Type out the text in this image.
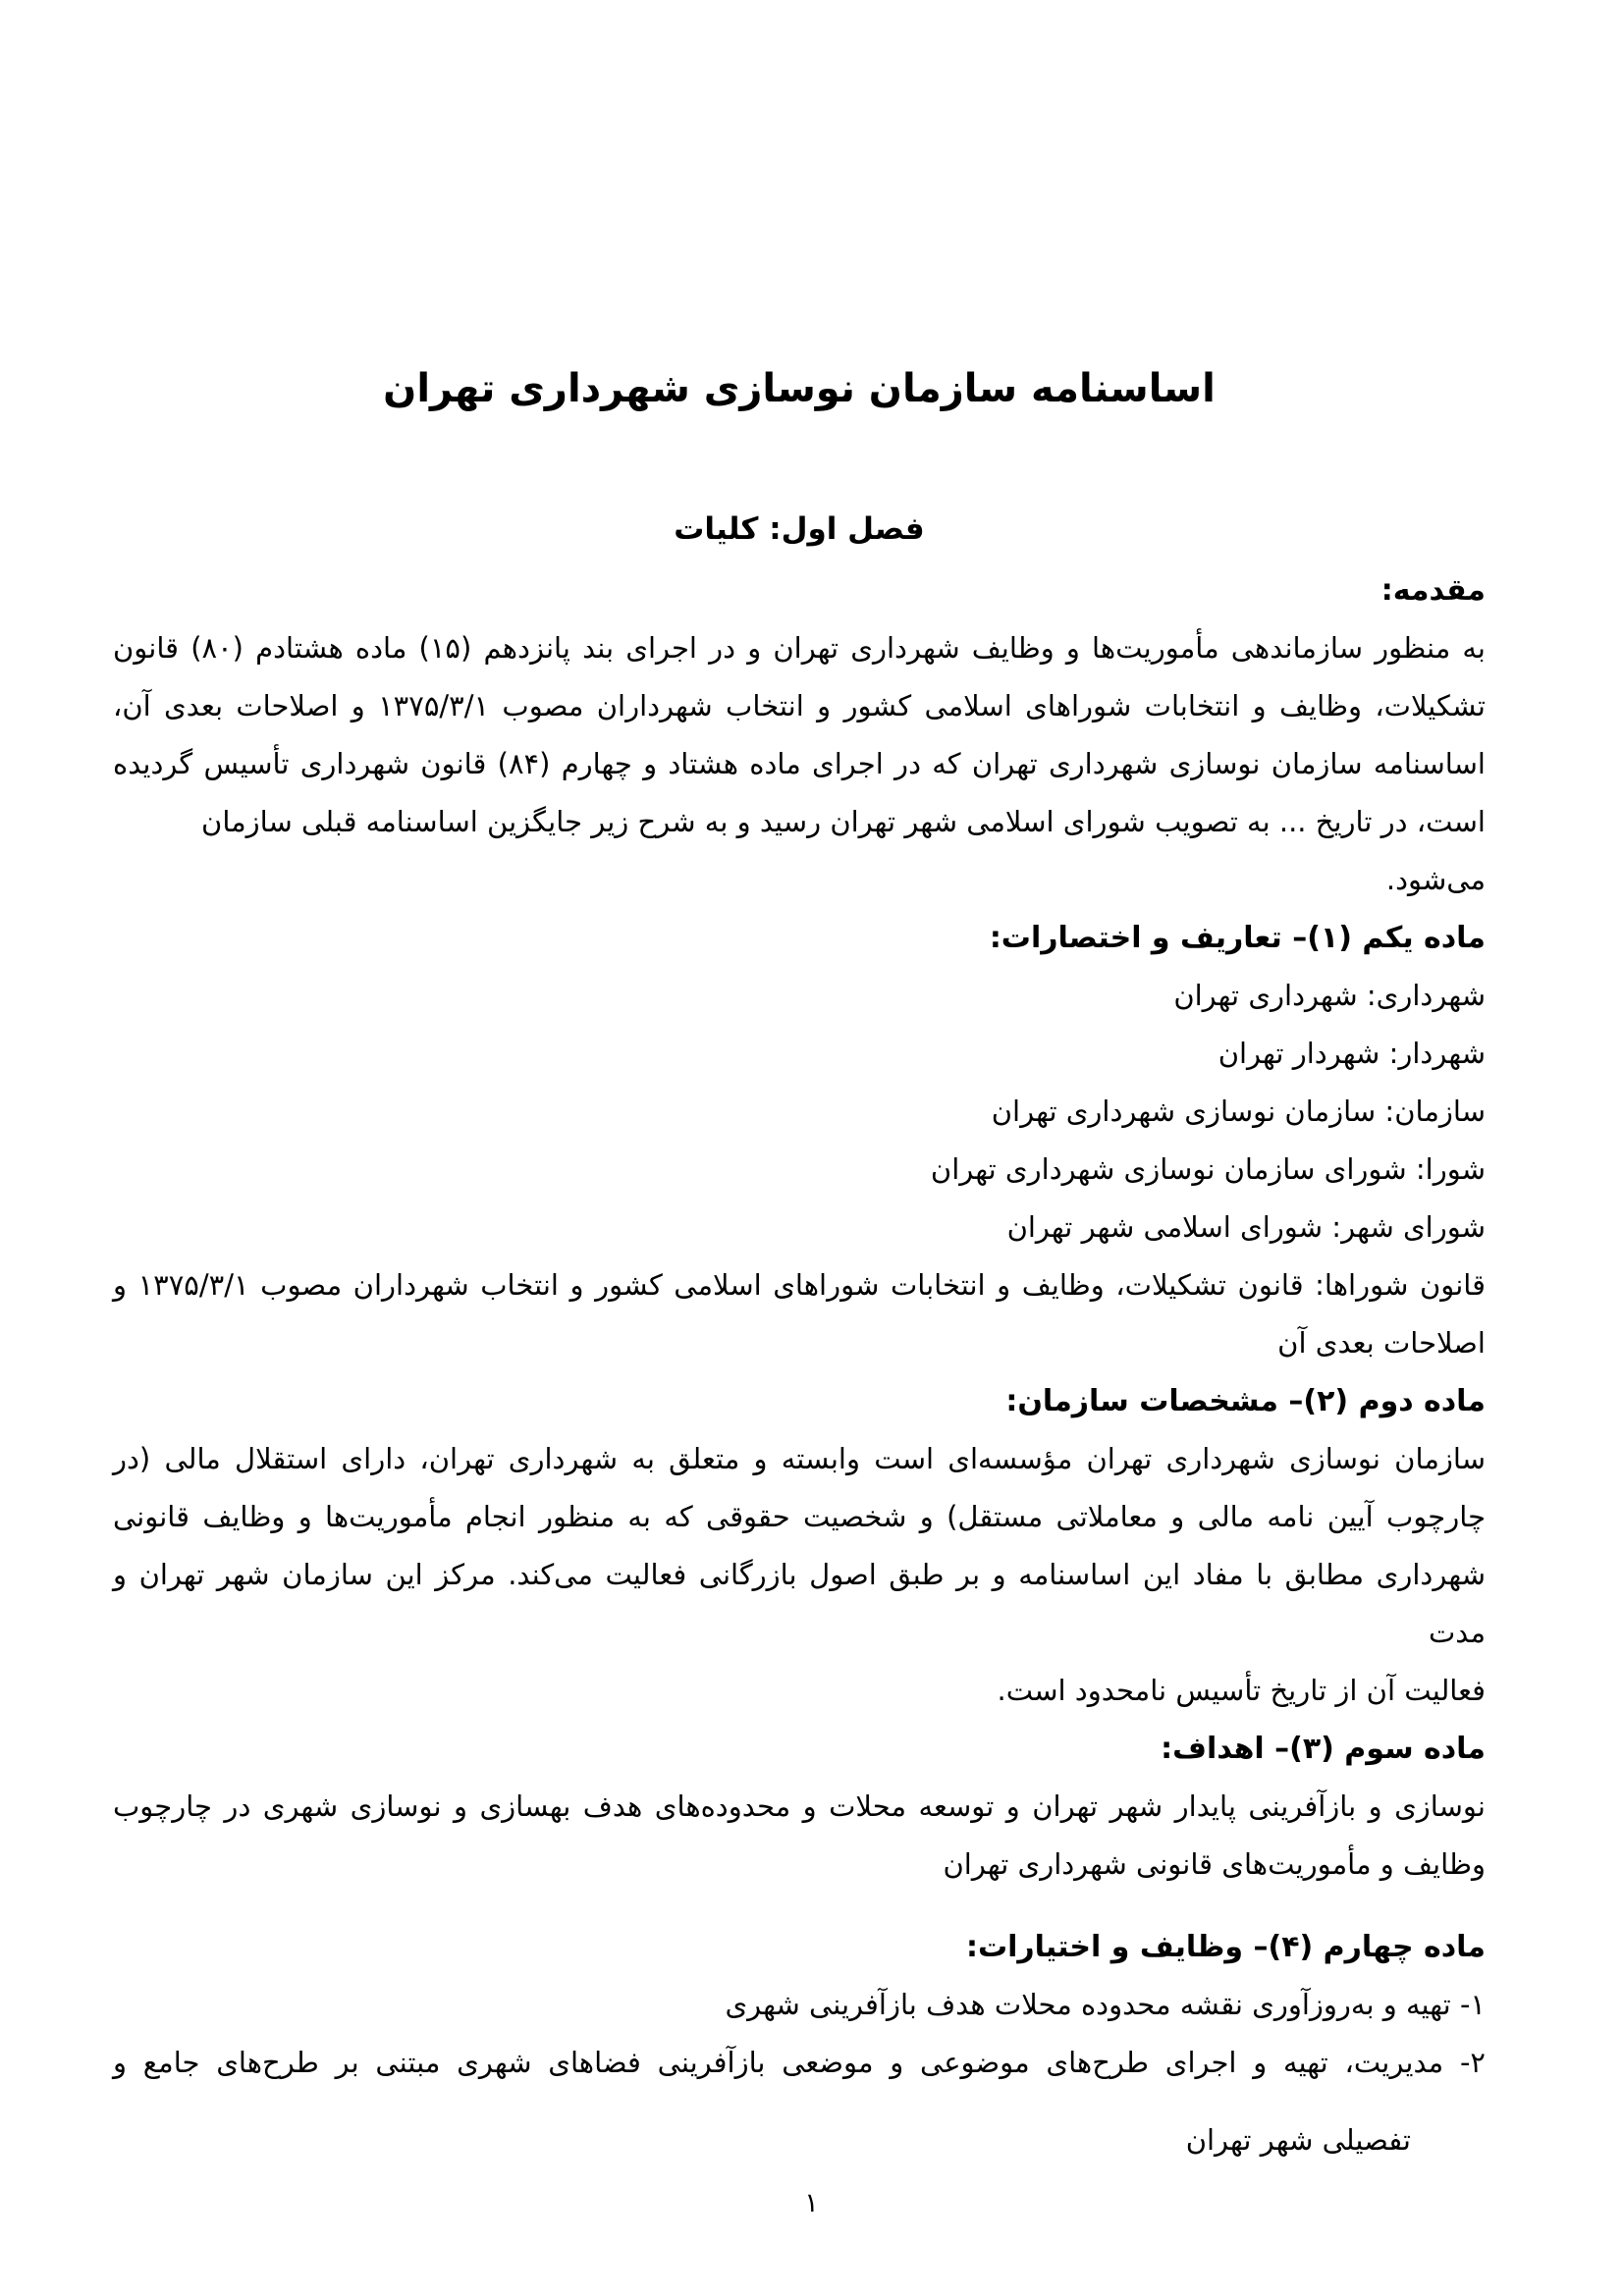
اساسنامه سازمان نوسازی شهرداری تهران
فصل اول: کلیات
مقدمه:
به منظور سازماندهی مأموریت‌ها و وظایف شهرداری تهران و در اجرای بند پانزدهم (۱۵) ماده هشتادم (۸۰) قانون
تشکیلات، وظایف و انتخابات شوراهای اسلامی کشور و انتخاب شهرداران مصوب ۱۳۷۵/۳/۱ و اصلاحات بعدی آن،
اساسنامه سازمان نوسازی شهرداری تهران که در اجرای ماده هشتاد و چهارم (۸۴) قانون شهرداری تأسیس گردیده
است، در تاریخ ... به تصویب شورای اسلامی شهر تهران رسید و به شرح زیر جایگزین اساسنامه قبلی سازمان می‌شود.
ماده یکم (۱)– تعاریف و اختصارات:
شهرداری: شهرداری تهران
شهردار: شهردار تهران
سازمان: سازمان نوسازی شهرداری تهران
شورا: شورای سازمان نوسازی شهرداری تهران
شورای شهر: شورای اسلامی شهر تهران
قانون شوراها: قانون تشکیلات، وظایف و انتخابات شوراهای اسلامی کشور و انتخاب شهرداران مصوب ۱۳۷۵/۳/۱ و
اصلاحات بعدی آن
ماده دوم (۲)– مشخصات سازمان:
سازمان نوسازی شهرداری تهران مؤسسه‌ای است وابسته و متعلق به شهرداری تهران، دارای استقلال مالی (در
چارچوب آیین نامه مالی و معاملاتی مستقل) و شخصیت حقوقی که به منظور انجام مأموریت‌ها و وظایف قانونی
شهرداری مطابق با مفاد این اساسنامه و بر طبق اصول بازرگانی فعالیت می‌کند. مرکز این سازمان شهر تهران و مدت
فعالیت آن از تاریخ تأسیس نامحدود است.
ماده سوم (۳)– اهداف:
نوسازی و بازآفرینی پایدار شهر تهران و توسعه محلات و محدوده‌های هدف بهسازی و نوسازی شهری در چارچوب
وظایف و مأموریت‌های قانونی شهرداری تهران
ماده چهارم (۴)– وظایف و اختیارات:
۱- تهیه و به‌روزآوری نقشه محدوده محلات هدف بازآفرینی شهری
۲- مدیریت، تهیه و اجرای طرح‌های موضوعی و موضعی بازآفرینی فضاهای شهری مبتنی بر طرح‌های جامع و
تفصیلی شهر تهران
۱
